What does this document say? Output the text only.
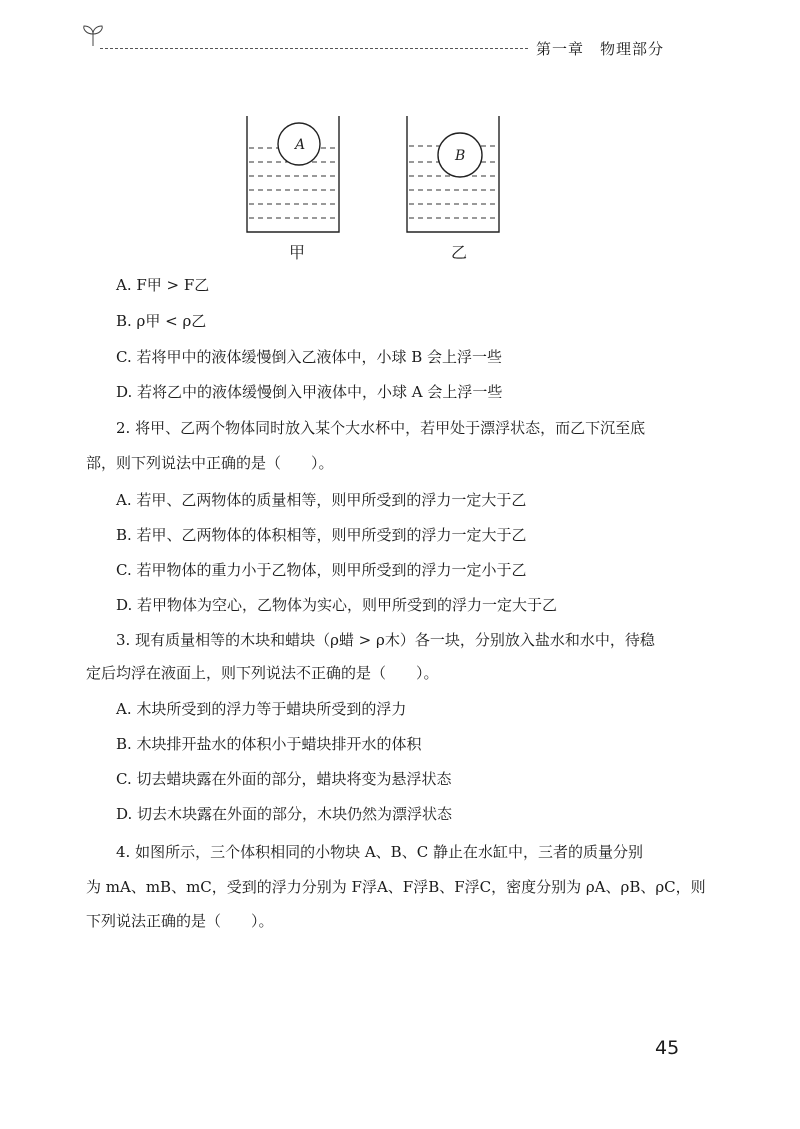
第一章　物理部分
A
B
甲	乙
A. F甲 > F乙
B. ρ甲 < ρ乙
C. 若将甲中的液体缓慢倒入乙液体中，小球 B 会上浮一些
D. 若将乙中的液体缓慢倒入甲液体中，小球 A 会上浮一些
2. 将甲、乙两个物体同时放入某个大水杯中，若甲处于漂浮状态，而乙下沉至底
部，则下列说法中正确的是（　　）。
A. 若甲、乙两物体的质量相等，则甲所受到的浮力一定大于乙
B. 若甲、乙两物体的体积相等，则甲所受到的浮力一定大于乙
C. 若甲物体的重力小于乙物体，则甲所受到的浮力一定小于乙
D. 若甲物体为空心，乙物体为实心，则甲所受到的浮力一定大于乙
3. 现有质量相等的木块和蜡块（ρ蜡 > ρ木）各一块，分别放入盐水和水中，待稳
定后均浮在液面上，则下列说法不正确的是（　　）。
A. 木块所受到的浮力等于蜡块所受到的浮力
B. 木块排开盐水的体积小于蜡块排开水的体积
C. 切去蜡块露在外面的部分，蜡块将变为悬浮状态
D. 切去木块露在外面的部分，木块仍然为漂浮状态
4. 如图所示，三个体积相同的小物块 A、B、C 静止在水缸中，三者的质量分别
为 mA、mB、mC，受到的浮力分别为 F浮A、F浮B、F浮C，密度分别为 ρA、ρB、ρC，则
下列说法正确的是（　　）。
45
